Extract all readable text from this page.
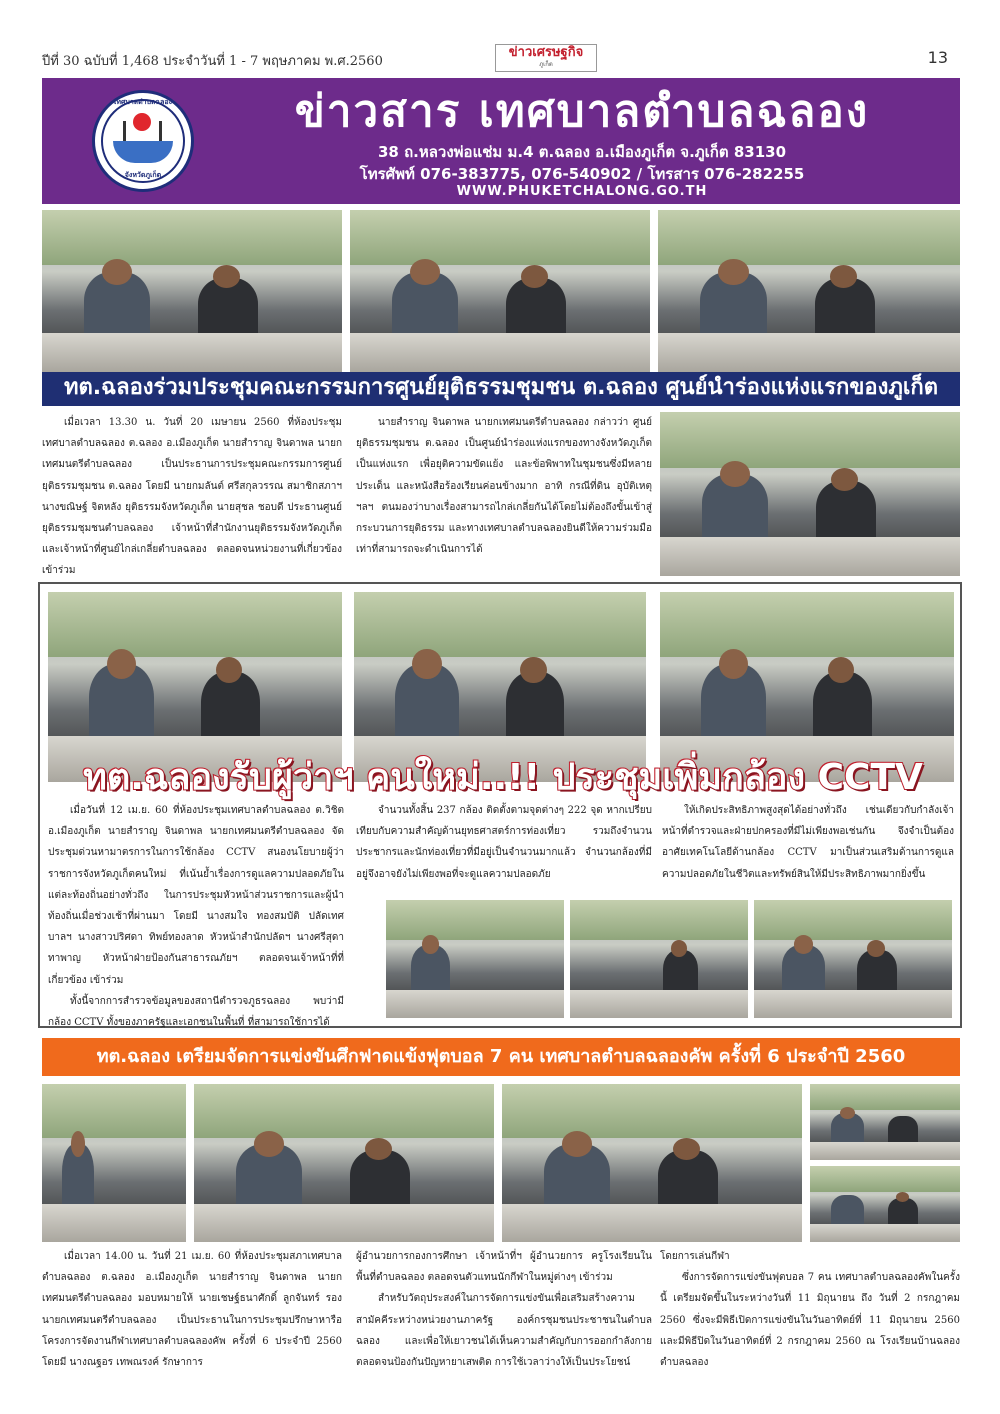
ปีที่ 30 ฉบับที่ 1,468 ประจำวันที่ 1 - 7 พฤษภาคม พ.ศ.2560
ข่าวเศรษฐกิจ
ภูเก็ต	13
เทศบาลตำบลฉลอง
จังหวัดภูเก็ต
ข่าวสาร เทศบาลตำบลฉลอง
38 ถ.หลวงพ่อแช่ม ม.4 ต.ฉลอง อ.เมืองภูเก็ต จ.ภูเก็ต 83130
โทรศัพท์ 076-383775, 076-540902 / โทรสาร 076-282255
WWW.PHUKETCHALONG.GO.TH
ทต.ฉลองร่วมประชุมคณะกรรมการศูนย์ยุติธรรมชุมชน ต.ฉลอง ศูนย์นำร่องแห่งแรกของภูเก็ต

เมื่อเวลา 13.30 น. วันที่ 20 เมษายน 2560 ที่ห้องประชุมเทศบาลตำบลฉลอง ต.ฉลอง อ.เมืองภูเก็ต นายสำราญ จินดาพล นายกเทศมนตรีตำบลฉลอง เป็นประธานการประชุมคณะกรรมการศูนย์ยุติธรรมชุมชน ต.ฉลอง โดยมี นายกมลันต์ ศรีสกุลวรรณ สมาชิกสภาฯ นางขณิษฐ์ จิตหลัง ยุติธรรมจังหวัดภูเก็ต นายสุชล ชอบดี ประธานศูนย์ยุติธรรมชุมชนตำบลฉลอง เจ้าหน้าที่สำนักงานยุติธรรมจังหวัดภูเก็ต และเจ้าหน้าที่ศูนย์ไกล่เกลี่ยตำบลฉลอง ตลอดจนหน่วยงานที่เกี่ยวข้อง เข้าร่วม

นายสำราญ จินดาพล นายกเทศมนตรีตำบลฉลอง กล่าวว่า ศูนย์ยุติธรรมชุมชน ต.ฉลอง เป็นศูนย์นำร่องแห่งแรกของทางจังหวัดภูเก็ต เป็นแห่งแรก เพื่อยุติความขัดแย้ง และข้อพิพาทในชุมชนซึ่งมีหลายประเด็น และหนังสือร้องเรียนค่อนข้างมาก อาทิ กรณีที่ดิน อุบัติเหตุ ฯลฯ ตนมองว่าบางเรื่องสามารถไกล่เกลี่ยกันได้โดยไม่ต้องถึงขั้นเข้าสู่กระบวนการยุติธรรม และทางเทศบาลตำบลฉลองยินดีให้ความร่วมมือเท่าที่สามารถจะดำเนินการได้

ทต.ฉลองรับผู้ว่าฯ คนใหม่..!! ประชุมเพิ่มกล้อง CCTV

เมื่อวันที่ 12 เม.ย. 60 ที่ห้องประชุมเทศบาลตำบลฉลอง ต.วิชิต อ.เมืองภูเก็ต นายสำราญ จินดาพล นายกเทศมนตรีตำบลฉลอง จัดประชุมด่วนหามาตรการในการใช้กล้อง CCTV สนองนโยบายผู้ว่าราชการจังหวัดภูเก็ตคนใหม่ ที่เน้นย้ำเรื่องการดูแลความปลอดภัยในแต่ละท้องถิ่นอย่างทั่วถึง ในการประชุมหัวหน้าส่วนราชการและผู้นำท้องถิ่นเมื่อช่วงเช้าที่ผ่านมา โดยมี นางสมใจ ทองสมบัติ ปลัดเทศบาลฯ นางสาวปริศดา ทิพย์ทองลาด หัวหน้าสำนักปลัดฯ นางศรีสุดา ทาพาญ หัวหน้าฝ่ายป้องกันสาธารณภัยฯ ตลอดจนเจ้าหน้าที่ที่เกี่ยวข้อง เข้าร่วม

ทั้งนี้จากการสำรวจข้อมูลของสถานีตำรวจภูธรฉลอง พบว่ามีกล้อง CCTV ทั้งของภาครัฐและเอกชนในพื้นที่ ที่สามารถใช้การได้

จำนวนทั้งสิ้น 237 กล้อง ติดตั้งตามจุดต่างๆ 222 จุด หากเปรียบเทียบกับความสำคัญด้านยุทธศาสตร์การท่องเที่ยว รวมถึงจำนวนประชากรและนักท่องเที่ยวที่มีอยู่เป็นจำนวนมากแล้ว จำนวนกล้องที่มีอยู่จึงอาจยังไม่เพียงพอที่จะดูแลความปลอดภัย

ให้เกิดประสิทธิภาพสูงสุดได้อย่างทั่วถึง เช่นเดียวกับกำลังเจ้าหน้าที่ตำรวจและฝ่ายปกครองที่มีไม่เพียงพอเช่นกัน จึงจำเป็นต้องอาศัยเทคโนโลยีด้านกล้อง CCTV มาเป็นส่วนเสริมด้านการดูแลความปลอดภัยในชีวิตและทรัพย์สินให้มีประสิทธิภาพมากยิ่งขึ้น

ทต.ฉลอง เตรียมจัดการแข่งขันศึกฟาดแข้งฟุตบอล 7 คน เทศบาลตำบลฉลองคัพ ครั้งที่ 6 ประจำปี 2560

เมื่อเวลา 14.00 น. วันที่ 21 เม.ย. 60 ที่ห้องประชุมสภาเทศบาลตำบลฉลอง ต.ฉลอง อ.เมืองภูเก็ต นายสำราญ จินดาพล นายกเทศมนตรีตำบลฉลอง มอบหมายให้ นายเชษฐ์ธนาศักดิ์ ลูกจันทร์ รองนายกเทศมนตรีตำบลฉลอง เป็นประธานในการประชุมปรึกษาหารือโครงการจัดงานกีฬาเทศบาลตำบลฉลองคัพ ครั้งที่ 6 ประจำปี 2560 โดยมี นางณฐอร เทพณรงค์ รักษาการ

ผู้อำนวยการกองการศึกษา เจ้าหน้าที่ฯ ผู้อำนวยการ ครูโรงเรียนในพื้นที่ตำบลฉลอง ตลอดจนตัวแทนนักกีฬาในหมู่ต่างๆ เข้าร่วม

สำหรับวัตถุประสงค์ในการจัดการแข่งขันเพื่อเสริมสร้างความสามัคคีระหว่างหน่วยงานภาครัฐ องค์กรชุมชนประชาชนในตำบลฉลอง และเพื่อให้เยาวชนได้เห็นความสำคัญกับการออกกำลังกายตลอดจนป้องกันปัญหายาเสพติด การใช้เวลาว่างให้เป็นประโยชน์

โดยการเล่นกีฬา

ซึ่งการจัดการแข่งขันฟุตบอล 7 คน เทศบาลตำบลฉลองคัพในครั้งนี้ เตรียมจัดขึ้นในระหว่างวันที่ 11 มิถุนายน ถึง วันที่ 2 กรกฎาคม 2560 ซึ่งจะมีพิธีเปิดการแข่งขันในวันอาทิตย์ที่ 11 มิถุนายน 2560 และมีพิธีปิดในวันอาทิตย์ที่ 2 กรกฎาคม 2560 ณ โรงเรียนบ้านฉลอง ตำบลฉลอง
